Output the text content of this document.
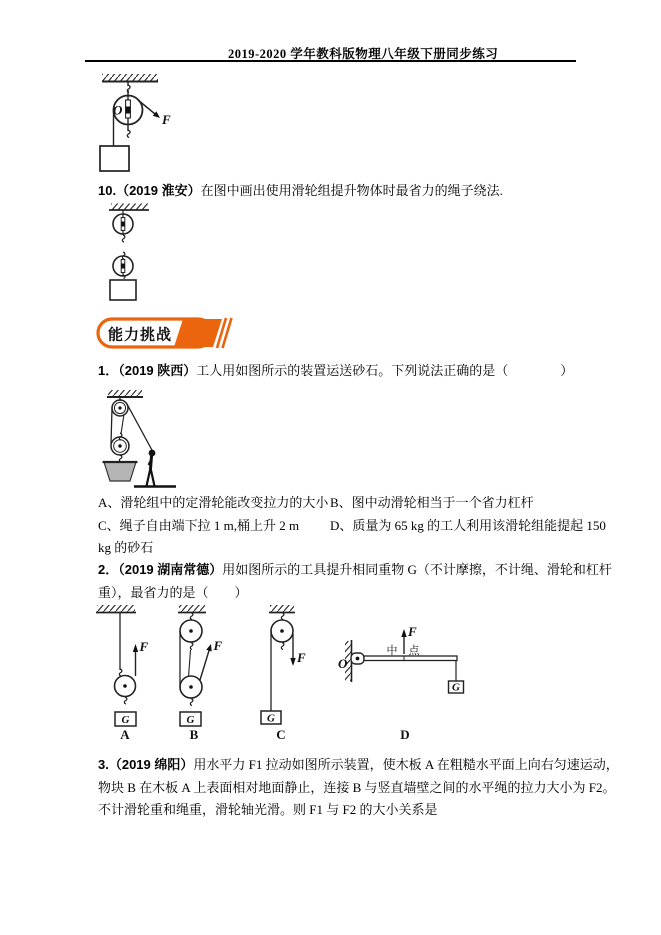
2019-2020 学年教科版物理八年级下册同步练习
O
F
10.（2019 淮安）在图中画出使用滑轮组提升物体时最省力的绳子绕法.
能力挑战
1．（2019 陕西）工人用如图所示的装置运送砂石。下列说法正确的是（　　　　）
A、滑轮组中的定滑轮能改变拉力的大小 B、图中动滑轮相当于一个省力杠杆
C、绳子自由端下拉 1 m,桶上升 2 m D、质量为 65 kg 的工人利用该滑轮组能提起 150
kg 的砂石
2．（2019 湖南常德）用如图所示的工具提升相同重物 G（不计摩擦，不计绳、滑轮和杠杆
重），最省力的是（　　）
F
G
A
F
G
B
F
G
C
O
F
中 点
G
D
3.（2019 绵阳）用水平力 F1 拉动如图所示装置，使木板 A 在粗糙水平面上向右匀速运动，
物块 B 在木板 A 上表面相对地面静止，连接 B 与竖直墙壁之间的水平绳的拉力大小为 F2。
不计滑轮重和绳重，滑轮轴光滑。则 F1 与 F2 的大小关系是
